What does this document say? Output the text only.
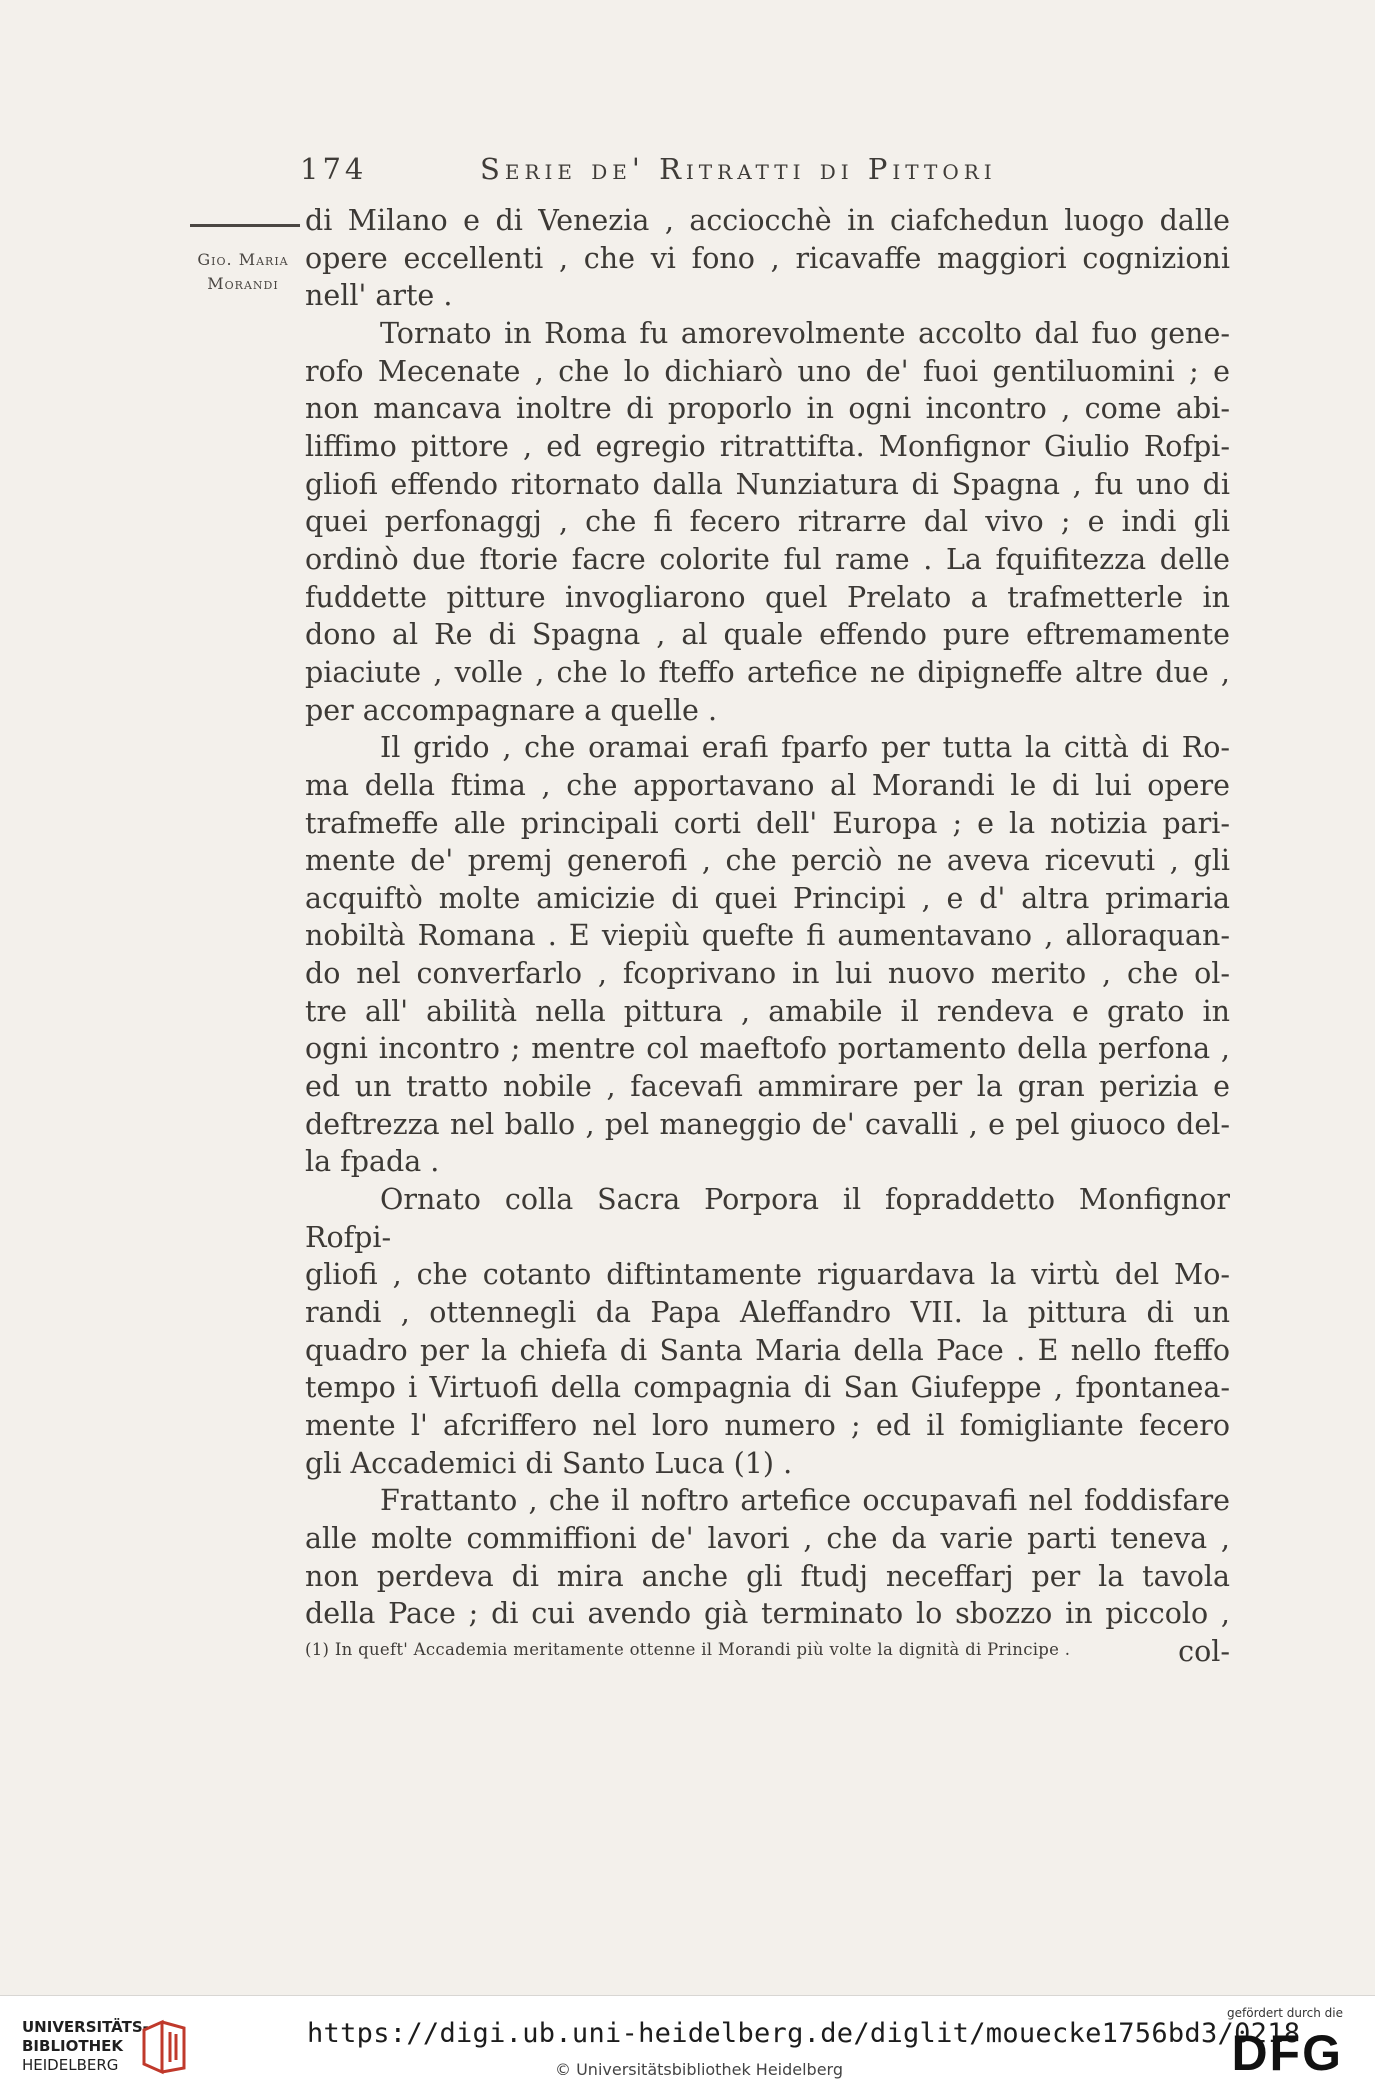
174	Serie de' Ritratti di Pittori
Gio. Maria
Morandi

di Milano e di Venezia , acciocchè in ciafchedun luogo dalle

opere eccellenti , che vi fono , ricavaffe maggiori cognizioni

nell' arte .

Tornato in Roma fu amorevolmente accolto dal fuo gene-

rofo Mecenate , che lo dichiarò uno de' fuoi gentiluomini ; e

non mancava inoltre di proporlo in ogni incontro , come abi-

liffimo pittore , ed egregio ritrattifta. Monfignor Giulio Rofpi-

gliofi effendo ritornato dalla Nunziatura di Spagna , fu uno di

quei perfonaggj , che fi fecero ritrarre dal vivo ; e indi gli

ordinò due ftorie facre colorite ful rame . La fquifitezza delle

fuddette pitture invogliarono quel Prelato a trafmetterle in

dono al Re di Spagna , al quale effendo pure eftremamente

piaciute , volle , che lo fteffo artefice ne dipigneffe altre due ,

per accompagnare a quelle .

Il grido , che oramai erafi fparfo per tutta la città di Ro-

ma della ftima , che apportavano al Morandi le di lui opere

trafmeffe alle principali corti dell' Europa ; e la notizia pari-

mente de' premj generofi , che perciò ne aveva ricevuti , gli

acquiftò molte amicizie di quei Principi , e d' altra primaria

nobiltà Romana . E viepiù quefte fi aumentavano , alloraquan-

do nel converfarlo , fcoprivano in lui nuovo merito , che ol-

tre all' abilità nella pittura , amabile il rendeva e grato in

ogni incontro ; mentre col maeftofo portamento della perfona ,

ed un tratto nobile , facevafi ammirare per la gran perizia e

deftrezza nel ballo , pel maneggio de' cavalli , e pel giuoco del-

la fpada .

Ornato colla Sacra Porpora il fopraddetto Monfignor Rofpi-

gliofi , che cotanto diftintamente riguardava la virtù del Mo-

randi , ottennegli da Papa Aleffandro VII. la pittura di un

quadro per la chiefa di Santa Maria della Pace . E nello fteffo

tempo i Virtuofi della compagnia di San Giufeppe , fpontanea-

mente l' afcriffero nel loro numero ; ed il fomigliante fecero

gli Accademici di Santo Luca (1) .

Frattanto , che il noftro artefice occupavafi nel foddisfare

alle molte commiffioni de' lavori , che da varie parti teneva ,

non perdeva di mira anche gli ftudj neceffarj per la tavola

della Pace ; di cui avendo già terminato lo sbozzo in piccolo ,

col-

(1) In queft' Accademia meritamente ottenne il Morandi più volte la dignità di Principe .
UNIVERSITÄTS-
BIBLIOTHEK
HEIDELBERG
https://digi.ub.uni-heidelberg.de/diglit/mouecke1756bd3/0218
© Universitätsbibliothek Heidelberg
gefördert durch die
DFG
